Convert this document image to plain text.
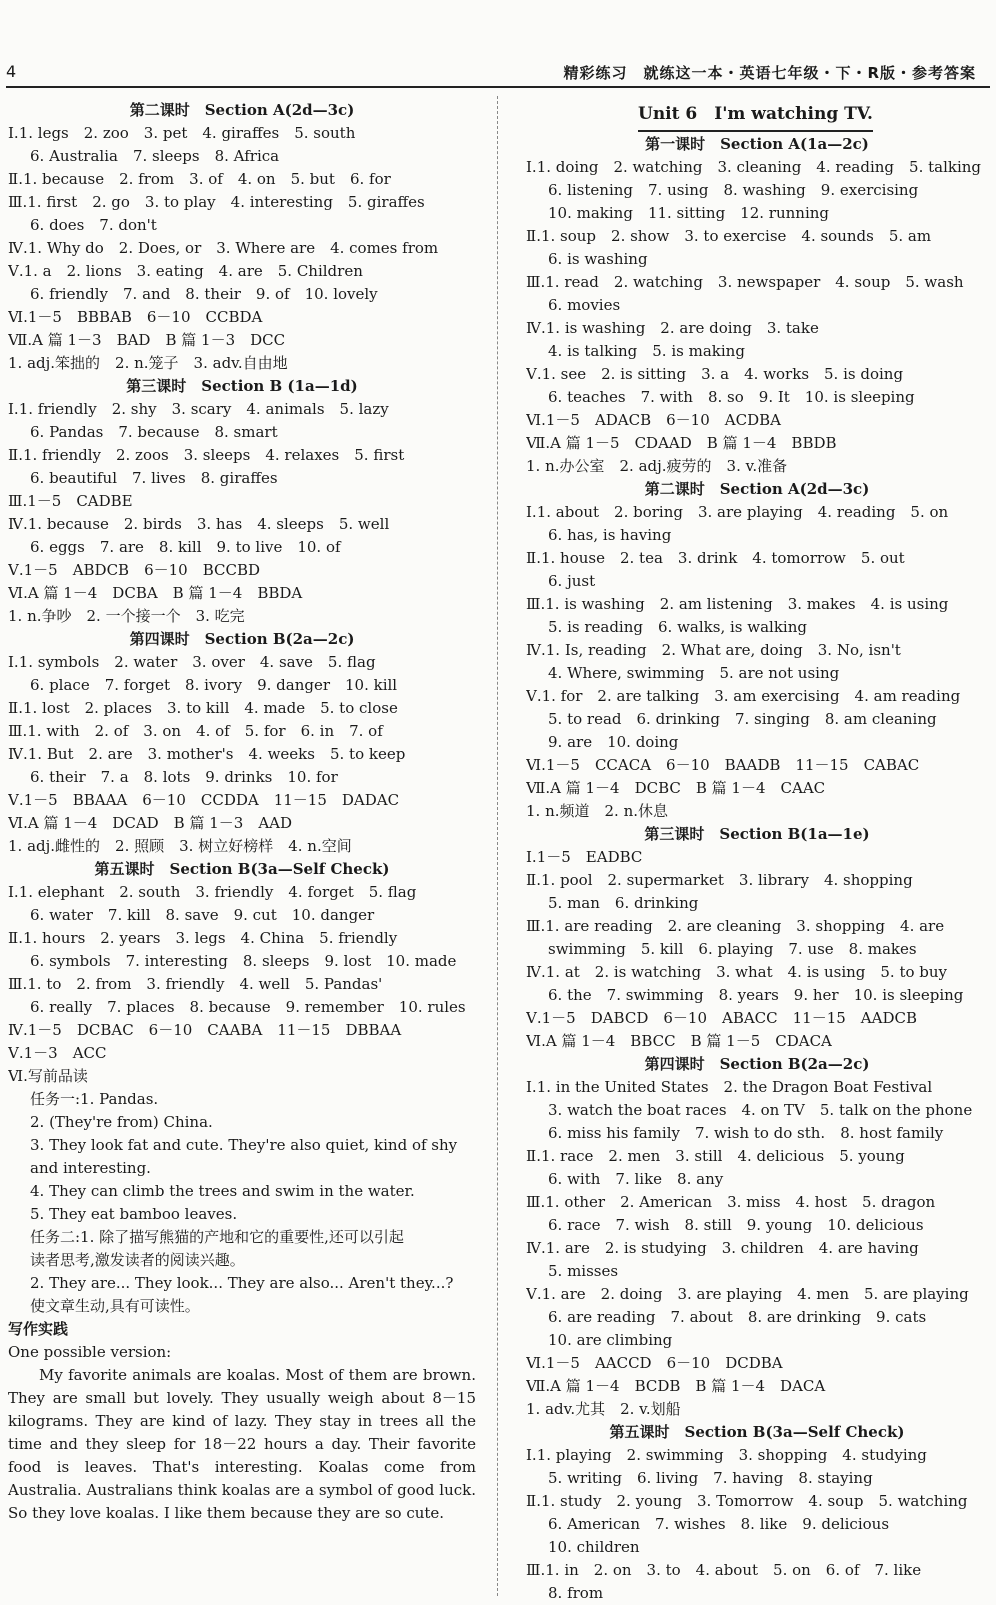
4	精彩练习　就练这一本・英语七年级・下・R版・参考答案
第二课时　Section A(2d—3c)
Ⅰ.1. legs　2. zoo　3. pet　4. giraffes　5. south
6. Australia　7. sleeps　8. Africa
Ⅱ.1. because　2. from　3. of　4. on　5. but　6. for
Ⅲ.1. first　2. go　3. to play　4. interesting　5. giraffes
6. does　7. don't
Ⅳ.1. Why do　2. Does, or　3. Where are　4. comes from
Ⅴ.1. a　2. lions　3. eating　4. are　5. Children
6. friendly　7. and　8. their　9. of　10. lovely
Ⅵ.1－5　BBBAB　6－10　CCBDA
Ⅶ.A 篇 1－3　BAD　B 篇 1－3　DCC
1. adj.笨拙的　2. n.笼子　3. adv.自由地
第三课时　Section B (1a—1d)
Ⅰ.1. friendly　2. shy　3. scary　4. animals　5. lazy
6. Pandas　7. because　8. smart
Ⅱ.1. friendly　2. zoos　3. sleeps　4. relaxes　5. first
6. beautiful　7. lives　8. giraffes
Ⅲ.1－5　CADBE
Ⅳ.1. because　2. birds　3. has　4. sleeps　5. well
6. eggs　7. are　8. kill　9. to live　10. of
Ⅴ.1－5　ABDCB　6－10　BCCBD
Ⅵ.A 篇 1－4　DCBA　B 篇 1－4　BBDA
1. n.争吵　2. 一个接一个　3. 吃完
第四课时　Section B(2a—2c)
Ⅰ.1. symbols　2. water　3. over　4. save　5. flag
6. place　7. forget　8. ivory　9. danger　10. kill
Ⅱ.1. lost　2. places　3. to kill　4. made　5. to close
Ⅲ.1. with　2. of　3. on　4. of　5. for　6. in　7. of
Ⅳ.1. But　2. are　3. mother's　4. weeks　5. to keep
6. their　7. a　8. lots　9. drinks　10. for
Ⅴ.1－5　BBAAA　6－10　CCDDA　11－15　DADAC
Ⅵ.A 篇 1－4　DCAD　B 篇 1－3　AAD
1. adj.雌性的　2. 照顾　3. 树立好榜样　4. n.空间
第五课时　Section B(3a—Self Check)
Ⅰ.1. elephant　2. south　3. friendly　4. forget　5. flag
6. water　7. kill　8. save　9. cut　10. danger
Ⅱ.1. hours　2. years　3. legs　4. China　5. friendly
6. symbols　7. interesting　8. sleeps　9. lost　10. made
Ⅲ.1. to　2. from　3. friendly　4. well　5. Pandas'
6. really　7. places　8. because　9. remember　10. rules
Ⅳ.1－5　DCBAC　6－10　CAABA　11－15　DBBAA
Ⅴ.1－3　ACC
Ⅵ.写前品读
任务一:1. Pandas.
2. (They're from) China.
3. They look fat and cute. They're also quiet, kind of shy
and interesting.
4. They can climb the trees and swim in the water.
5. They eat bamboo leaves.
任务二:1. 除了描写熊猫的产地和它的重要性,还可以引起
读者思考,激发读者的阅读兴趣。
2. They are... They look... They are also... Aren't they...?
使文章生动,具有可读性。
写作实践
One possible version:
　　My favorite animals are koalas. Most of them are brown. They are small but lovely. They usually weigh about 8－15 kilograms. They are kind of lazy. They stay in trees all the time and they sleep for 18－22 hours a day. Their favorite food is leaves. That's interesting. Koalas come from Australia. Australians think koalas are a symbol of good luck. So they love koalas. I like them because they are so cute.
Unit 6　I'm watching TV.
第一课时　Section A(1a—2c)
Ⅰ.1. doing　2. watching　3. cleaning　4. reading　5. talking
6. listening　7. using　8. washing　9. exercising
10. making　11. sitting　12. running
Ⅱ.1. soup　2. show　3. to exercise　4. sounds　5. am
6. is washing
Ⅲ.1. read　2. watching　3. newspaper　4. soup　5. wash
6. movies
Ⅳ.1. is washing　2. are doing　3. take
4. is talking　5. is making
Ⅴ.1. see　2. is sitting　3. a　4. works　5. is doing
6. teaches　7. with　8. so　9. It　10. is sleeping
Ⅵ.1－5　ADACB　6－10　ACDBA
Ⅶ.A 篇 1－5　CDAAD　B 篇 1－4　BBDB
1. n.办公室　2. adj.疲劳的　3. v.准备
第二课时　Section A(2d—3c)
Ⅰ.1. about　2. boring　3. are playing　4. reading　5. on
6. has, is having
Ⅱ.1. house　2. tea　3. drink　4. tomorrow　5. out
6. just
Ⅲ.1. is washing　2. am listening　3. makes　4. is using
5. is reading　6. walks, is walking
Ⅳ.1. Is, reading　2. What are, doing　3. No, isn't
4. Where, swimming　5. are not using
Ⅴ.1. for　2. are talking　3. am exercising　4. am reading
5. to read　6. drinking　7. singing　8. am cleaning
9. are　10. doing
Ⅵ.1－5　CCACA　6－10　BAADB　11－15　CABAC
Ⅶ.A 篇 1－4　DCBC　B 篇 1－4　CAAC
1. n.频道　2. n.休息
第三课时　Section B(1a—1e)
Ⅰ.1－5　EADBC
Ⅱ.1. pool　2. supermarket　3. library　4. shopping
5. man　6. drinking
Ⅲ.1. are reading　2. are cleaning　3. shopping　4. are
swimming　5. kill　6. playing　7. use　8. makes
Ⅳ.1. at　2. is watching　3. what　4. is using　5. to buy
6. the　7. swimming　8. years　9. her　10. is sleeping
Ⅴ.1－5　DABCD　6－10　ABACC　11－15　AADCB
Ⅵ.A 篇 1－4　BBCC　B 篇 1－5　CDACA
第四课时　Section B(2a—2c)
Ⅰ.1. in the United States　2. the Dragon Boat Festival
3. watch the boat races　4. on TV　5. talk on the phone
6. miss his family　7. wish to do sth.　8. host family
Ⅱ.1. race　2. men　3. still　4. delicious　5. young
6. with　7. like　8. any
Ⅲ.1. other　2. American　3. miss　4. host　5. dragon
6. race　7. wish　8. still　9. young　10. delicious
Ⅳ.1. are　2. is studying　3. children　4. are having
5. misses
Ⅴ.1. are　2. doing　3. are playing　4. men　5. are playing
6. are reading　7. about　8. are drinking　9. cats
10. are climbing
Ⅵ.1－5　AACCD　6－10　DCDBA
Ⅶ.A 篇 1－4　BCDB　B 篇 1－4　DACA
1. adv.尤其　2. v.划船
第五课时　Section B(3a—Self Check)
Ⅰ.1. playing　2. swimming　3. shopping　4. studying
5. writing　6. living　7. having　8. staying
Ⅱ.1. study　2. young　3. Tomorrow　4. soup　5. watching
6. American　7. wishes　8. like　9. delicious
10. children
Ⅲ.1. in　2. on　3. to　4. about　5. on　6. of　7. like
8. from
